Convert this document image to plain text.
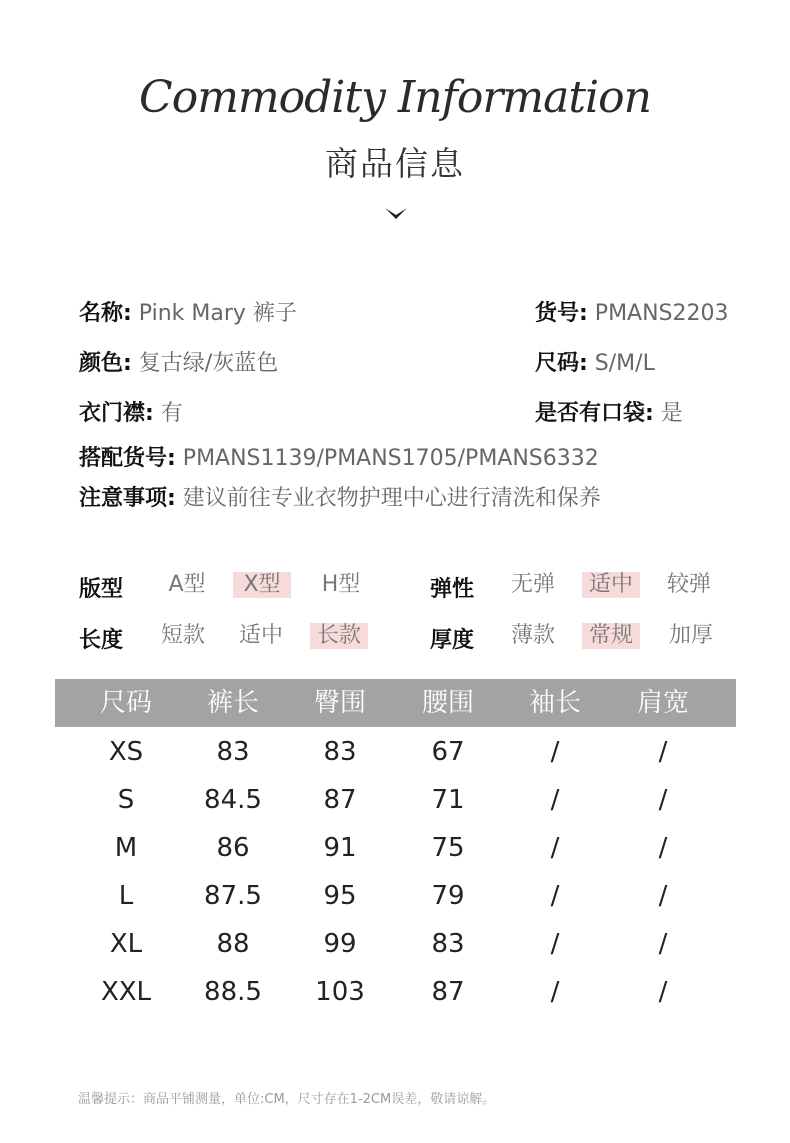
Commodity Information
商品信息
名称: Pink Mary 裤子	货号: PMANS2203
颜色: 复古绿/灰蓝色	尺码: S/M/L
衣门襟: 有	是否有口袋: 是
搭配货号: PMANS1139/PMANS1705/PMANS6332
注意事项: 建议前往专业衣物护理中心进行清洗和保养
版型	A型	X型	H型	弹性	无弹	适中	较弹
长度	短款	适中	长款	厚度	薄款	常规	加厚
尺码	裤长	臀围	腰围	袖长	肩宽
XS	83	83	67	/	/
S	84.5	87	71	/	/
M	86	91	75	/	/
L	87.5	95	79	/	/
XL	88	99	83	/	/
XXL	88.5	103	87	/	/
温馨提示：商品平铺测量，单位:CM，尺寸存在1-2CM误差，敬请谅解。
